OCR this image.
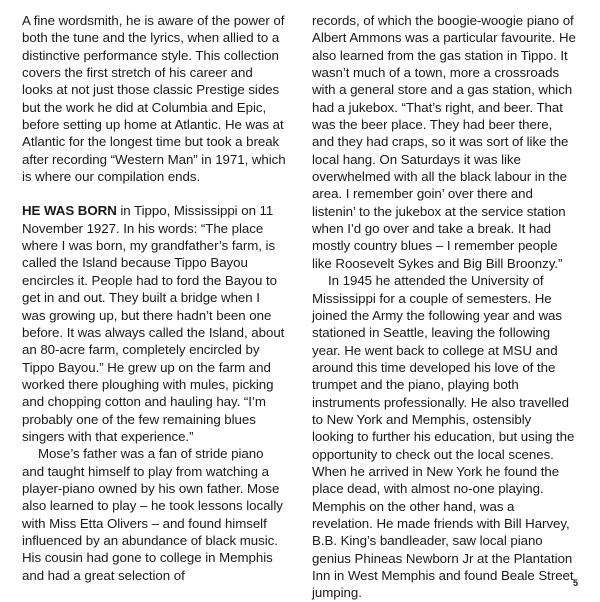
A fine wordsmith, he is aware of the power of both the tune and the lyrics, when allied to a distinctive performance style. This collection covers the first stretch of his career and looks at not just those classic Prestige sides but the work he did at Columbia and Epic, before setting up home at Atlantic. He was at Atlantic for the longest time but took a break after recording “Western Man” in 1971, which is where our compilation ends.

HE WAS BORN in Tippo, Mississippi on 11 November 1927. In his words: “The place where I was born, my grandfather’s farm, is called the Island because Tippo Bayou encircles it. People had to ford the Bayou to get in and out. They built a bridge when I was growing up, but there hadn’t been one before. It was always called the Island, about an 80-acre farm, completely encircled by Tippo Bayou.” He grew up on the farm and worked there ploughing with mules, picking and chopping cotton and hauling hay. “I’m probably one of the few remaining blues singers with that experience.”

Mose’s father was a fan of stride piano and taught himself to play from watching a player-piano owned by his own father. Mose also learned to play – he took lessons locally with Miss Etta Olivers – and found himself influenced by an abundance of black music. His cousin had gone to college in Memphis and had a great selection of

records, of which the boogie-woogie piano of Albert Ammons was a particular favourite. He also learned from the gas station in Tippo. It wasn’t much of a town, more a crossroads with a general store and a gas station, which had a jukebox. “That’s right, and beer. That was the beer place. They had beer there, and they had craps, so it was sort of like the local hang. On Saturdays it was like overwhelmed with all the black labour in the area. I remember goin’ over there and listenin’ to the jukebox at the service station when I’d go over and take a break. It had mostly country blues – I remember people like Roosevelt Sykes and Big Bill Broonzy.”

In 1945 he attended the University of Mississippi for a couple of semesters. He joined the Army the following year and was stationed in Seattle, leaving the following year. He went back to college at MSU and around this time developed his love of the trumpet and the piano, playing both instruments professionally. He also travelled to New York and Memphis, ostensibly looking to further his education, but using the opportunity to check out the local scenes. When he arrived in New York he found the place dead, with almost no-one playing. Memphis on the other hand, was a revelation. He made friends with Bill Harvey, B.B. King’s bandleader, saw local piano genius Phineas Newborn Jr at the Plantation Inn in West Memphis and found Beale Street jumping.

5
